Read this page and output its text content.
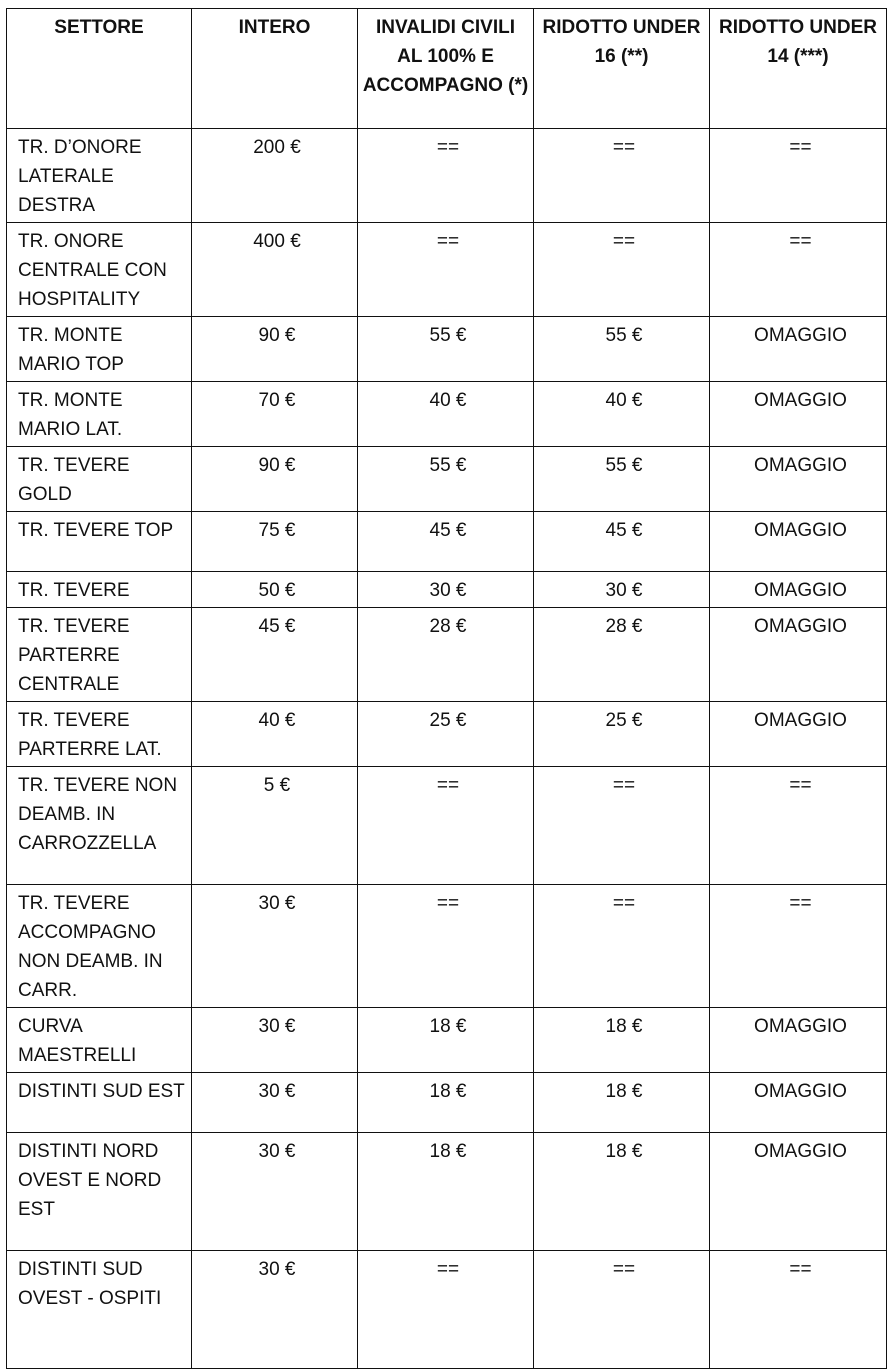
SETTORE	INTERO	INVALIDI CIVILI AL 100% E ACCOMPAGNO (*)	RIDOTTO UNDER 16 (**)	RIDOTTO UNDER 14 (***)
TR. D’ONORE LATERALE DESTRA	200 €	==	==	==
TR. ONORE CENTRALE CON HOSPITALITY	400 €	==	==	==
TR. MONTE MARIO TOP	90 €	55 €	55 €	OMAGGIO
TR. MONTE MARIO LAT.	70 €	40 €	40 €	OMAGGIO
TR. TEVERE GOLD	90 €	55 €	55 €	OMAGGIO
TR. TEVERE TOP	75 €	45 €	45 €	OMAGGIO
TR. TEVERE	50 €	30 €	30 €	OMAGGIO
TR. TEVERE PARTERRE CENTRALE	45 €	28 €	28 €	OMAGGIO
TR. TEVERE PARTERRE LAT.	40 €	25 €	25 €	OMAGGIO
TR. TEVERE NON DEAMB. IN CARROZZELLA	5 €	==	==	==
TR. TEVERE ACCOMPAGNO NON DEAMB. IN CARR.	30 €	==	==	==
CURVA MAESTRELLI	30 €	18 €	18 €	OMAGGIO
DISTINTI SUD EST	30 €	18 €	18 €	OMAGGIO
DISTINTI NORD OVEST E NORD EST	30 €	18 €	18 €	OMAGGIO
DISTINTI SUD OVEST - OSPITI	30 €	==	==	==
